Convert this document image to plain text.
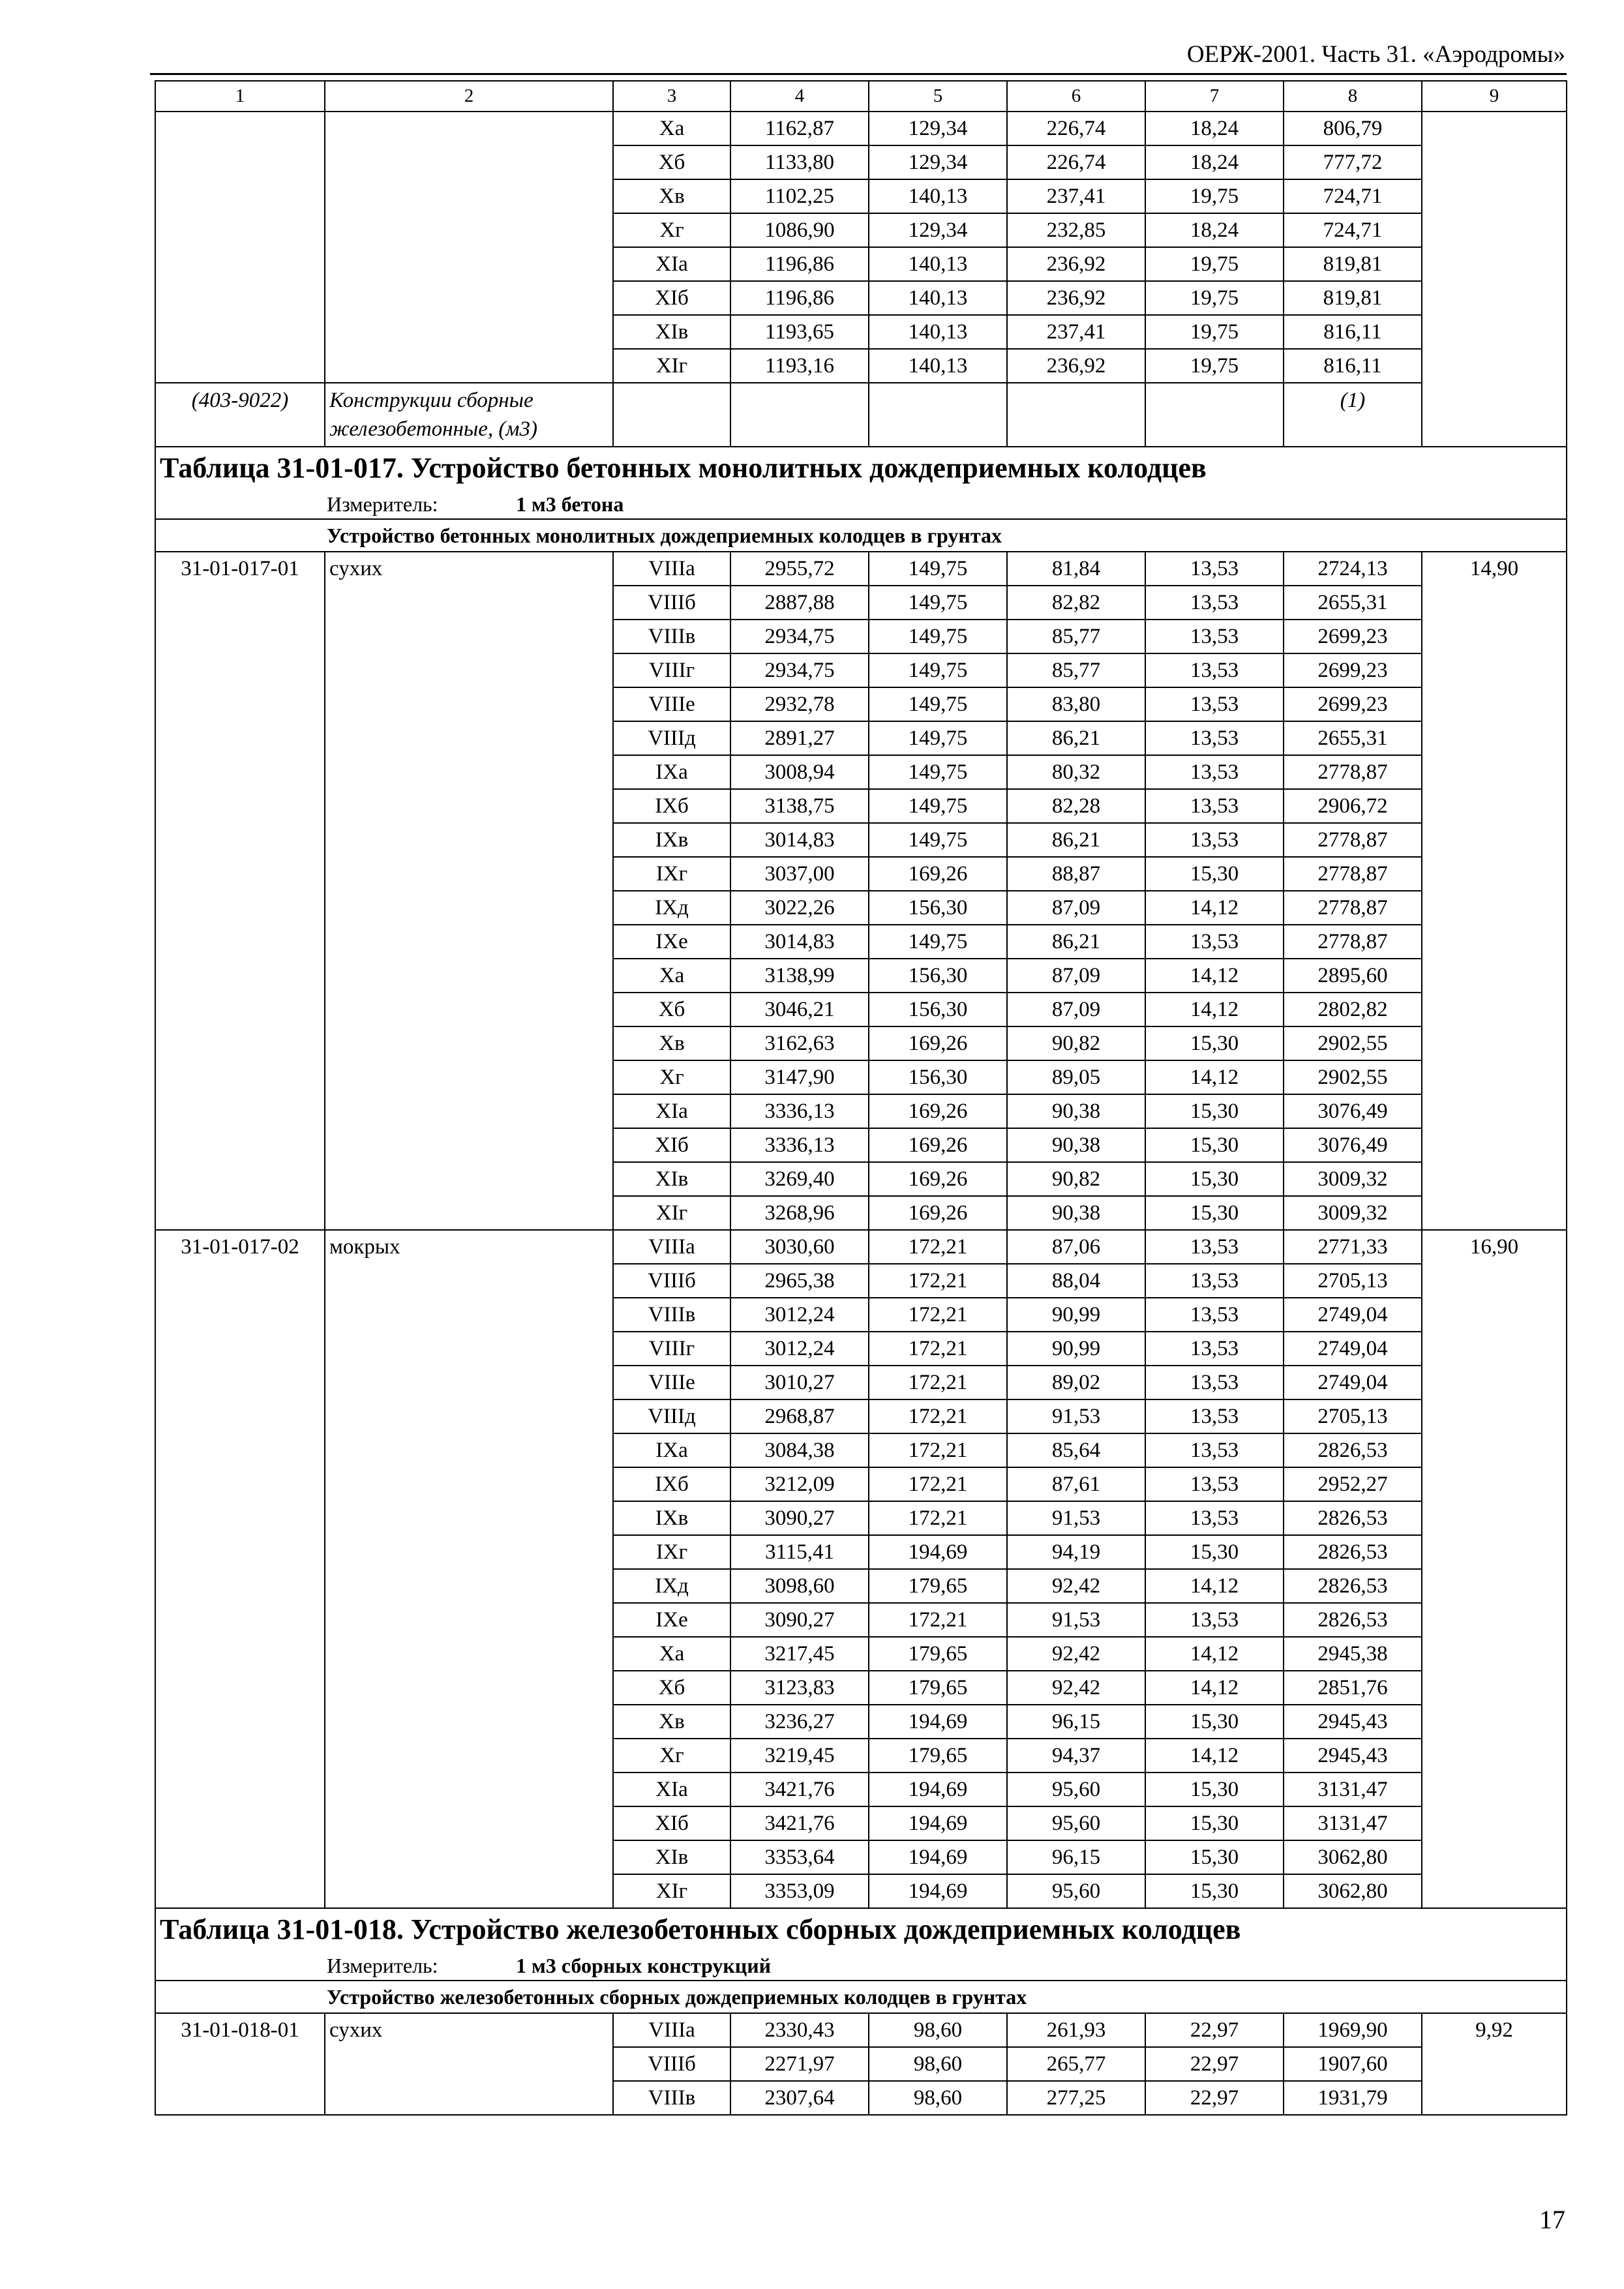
ОЕРЖ-2001. Часть 31. «Аэродромы»
1	2	3	4	5	6	7	8	9
		Xa	1162,87	129,34	226,74	18,24	806,79	
		Xб	1133,80	129,34	226,74	18,24	777,72	
		Xв	1102,25	140,13	237,41	19,75	724,71	
		Xг	1086,90	129,34	232,85	18,24	724,71	
		XIa	1196,86	140,13	236,92	19,75	819,81	
		XIб	1196,86	140,13	236,92	19,75	819,81	
		XIв	1193,65	140,13	237,41	19,75	816,11	
		XIг	1193,16	140,13	236,92	19,75	816,11	
(403-9022)	Конструкции сборные железобетонные, (м3)						(1)	
Таблица 31-01-017. Устройство бетонных монолитных дождеприемных колодцев								
Измеритель: 1 м3 бетона								
Устройство бетонных монолитных дождеприемных колодцев в грунтах								
31-01-017-01	сухих	VIIIa	2955,72	149,75	81,84	13,53	2724,13	14,90
		VIIIб	2887,88	149,75	82,82	13,53	2655,31	
		VIIIв	2934,75	149,75	85,77	13,53	2699,23	
		VIIIг	2934,75	149,75	85,77	13,53	2699,23	
		VIIIe	2932,78	149,75	83,80	13,53	2699,23	
		VIIIд	2891,27	149,75	86,21	13,53	2655,31	
		IXa	3008,94	149,75	80,32	13,53	2778,87	
		IXб	3138,75	149,75	82,28	13,53	2906,72	
		IXв	3014,83	149,75	86,21	13,53	2778,87	
		IXг	3037,00	169,26	88,87	15,30	2778,87	
		IXд	3022,26	156,30	87,09	14,12	2778,87	
		IXe	3014,83	149,75	86,21	13,53	2778,87	
		Xa	3138,99	156,30	87,09	14,12	2895,60	
		Xб	3046,21	156,30	87,09	14,12	2802,82	
		Xв	3162,63	169,26	90,82	15,30	2902,55	
		Xг	3147,90	156,30	89,05	14,12	2902,55	
		XIa	3336,13	169,26	90,38	15,30	3076,49	
		XIб	3336,13	169,26	90,38	15,30	3076,49	
		XIв	3269,40	169,26	90,82	15,30	3009,32	
		XIг	3268,96	169,26	90,38	15,30	3009,32	
31-01-017-02	мокрых	VIIIa	3030,60	172,21	87,06	13,53	2771,33	16,90
		VIIIб	2965,38	172,21	88,04	13,53	2705,13	
		VIIIв	3012,24	172,21	90,99	13,53	2749,04	
		VIIIг	3012,24	172,21	90,99	13,53	2749,04	
		VIIIe	3010,27	172,21	89,02	13,53	2749,04	
		VIIIд	2968,87	172,21	91,53	13,53	2705,13	
		IXa	3084,38	172,21	85,64	13,53	2826,53	
		IXб	3212,09	172,21	87,61	13,53	2952,27	
		IXв	3090,27	172,21	91,53	13,53	2826,53	
		IXг	3115,41	194,69	94,19	15,30	2826,53	
		IXд	3098,60	179,65	92,42	14,12	2826,53	
		IXe	3090,27	172,21	91,53	13,53	2826,53	
		Xa	3217,45	179,65	92,42	14,12	2945,38	
		Xб	3123,83	179,65	92,42	14,12	2851,76	
		Xв	3236,27	194,69	96,15	15,30	2945,43	
		Xг	3219,45	179,65	94,37	14,12	2945,43	
		XIa	3421,76	194,69	95,60	15,30	3131,47	
		XIб	3421,76	194,69	95,60	15,30	3131,47	
		XIв	3353,64	194,69	96,15	15,30	3062,80	
		XIг	3353,09	194,69	95,60	15,30	3062,80	
Таблица 31-01-018. Устройство железобетонных сборных дождеприемных колодцев								
Измеритель: 1 м3 сборных конструкций								
Устройство железобетонных сборных дождеприемных колодцев в грунтах								
31-01-018-01	сухих	VIIIa	2330,43	98,60	261,93	22,97	1969,90	9,92
		VIIIб	2271,97	98,60	265,77	22,97	1907,60	
		VIIIв	2307,64	98,60	277,25	22,97	1931,79	
17
